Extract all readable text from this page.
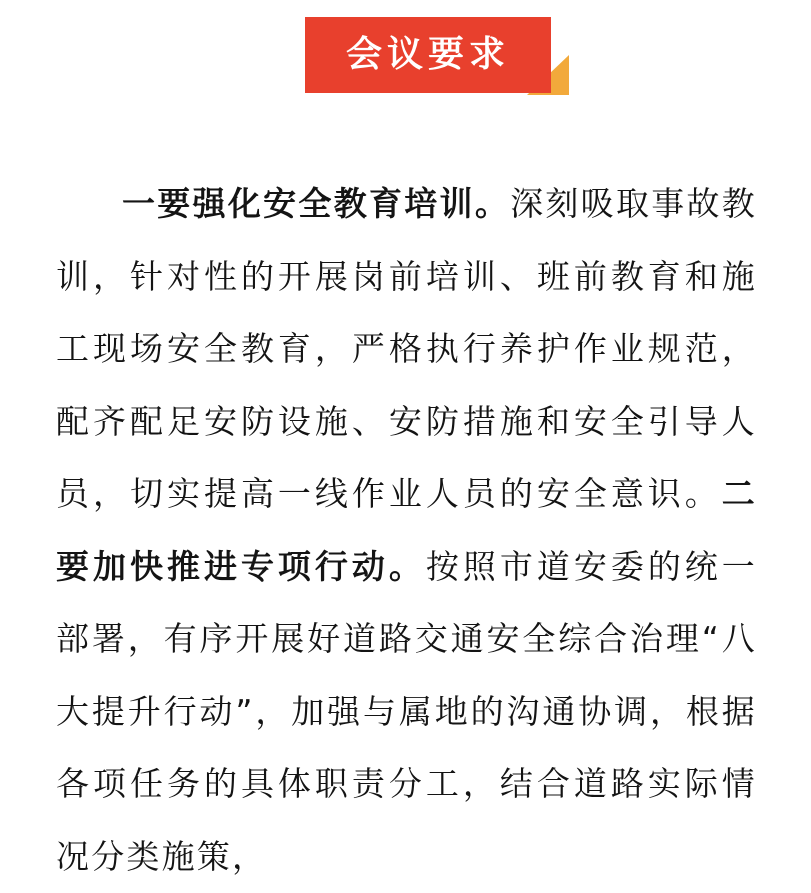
会议要求

一要强化安全教育培训。深刻吸取事故教训，针对性的开展岗前培训、班前教育和施工现场安全教育，严格执行养护作业规范，配齐配足安防设施、安防措施和安全引导人员，切实提高一线作业人员的安全意识。二要加快推进专项行动。按照市道安委的统一部署，有序开展好道路交通安全综合治理“八大提升行动”，加强与属地的沟通协调，根据各项任务的具体职责分工，结合道路实际情况分类施策，
